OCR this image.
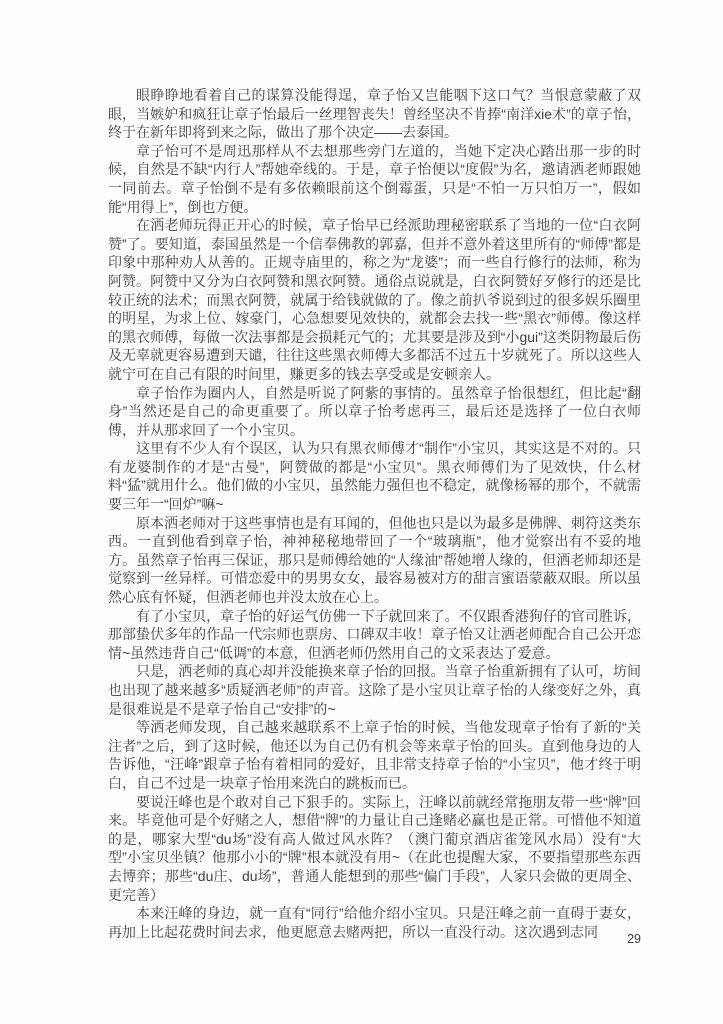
眼睁睁地看着自己的谋算没能得逞，章子怡又岂能咽下这口气？当恨意蒙蔽了双眼，当嫉妒和疯狂让章子怡最后一丝理智丧失！曾经坚决不肯捧“南洋xie术”的章子怡，终于在新年即将到来之际，做出了那个决定——去泰国。

章子怡可不是周迅那样从不去想那些旁门左道的，当她下定决心踏出那一步的时候，自然是不缺“内行人”帮她牵线的。于是，章子怡便以“度假”为名，邀请洒老师跟她一同前去。章子怡倒不是有多依赖眼前这个倒霉蛋，只是“不怕一万只怕万一”，假如能“用得上”，倒也方便。

在洒老师玩得正开心的时候，章子怡早已经派助理秘密联系了当地的一位“白衣阿赞”了。要知道，泰国虽然是一个信奉佛教的郭嘉，但并不意外着这里所有的“师傅”都是印象中那种劝人从善的。正规寺庙里的，称之为“龙婆”；而一些自行修行的法师，称为阿赞。阿赞中又分为白衣阿赞和黑衣阿赞。通俗点说就是，白衣阿赞好歹修行的还是比较正统的法术；而黑衣阿赞，就属于给钱就做的了。像之前扒爷说到过的很多娱乐圈里的明星，为求上位、嫁豪门，心急想要见效快的，就都会去找一些“黑衣”师傅。像这样的黑衣师傅，每做一次法事都是会损耗元气的；尤其要是涉及到“小gui”这类阴物最后伤及无辜就更容易遭到天谴，往往这些黑衣师傅大多都活不过五十岁就死了。所以这些人就宁可在自己有限的时间里，赚更多的钱去享受或是安顿亲人。

章子怡作为圈内人，自然是听说了阿紫的事情的。虽然章子怡很想红，但比起“翻身”当然还是自己的命更重要了。所以章子怡考虑再三，最后还是选择了一位白衣师傅，并从那求回了一个小宝贝。

这里有不少人有个误区，认为只有黑衣师傅才“制作”小宝贝，其实这是不对的。只有龙婆制作的才是“古曼”，阿赞做的都是“小宝贝”。黑衣师傅们为了见效快，什么材料“猛”就用什么。他们做的小宝贝，虽然能力强但也不稳定，就像杨幂的那个，不就需要三年一“回炉”嘛~

原本洒老师对于这些事情也是有耳闻的，但他也只是以为最多是佛牌、刺符这类东西。一直到他看到章子怡，神神秘秘地带回了一个“玻璃瓶”，他才觉察出有不妥的地方。虽然章子怡再三保证，那只是师傅给她的“人缘油”帮她增人缘的，但洒老师却还是觉察到一丝异样。可惜恋爱中的男男女女，最容易被对方的甜言蜜语蒙蔽双眼。所以虽然心底有怀疑，但洒老师也并没太放在心上。

有了小宝贝，章子怡的好运气仿佛一下子就回来了。不仅跟香港狗仔的官司胜诉，那部蛰伏多年的作品一代宗师也票房、口碑双丰收！章子怡又让洒老师配合自己公开恋情~虽然违背自己“低调”的本意，但洒老师仍然用自己的文采表达了爱意。

只是，洒老师的真心却并没能换来章子怡的回报。当章子怡重新拥有了认可，坊间也出现了越来越多“质疑洒老师”的声音。这除了是小宝贝让章子怡的人缘变好之外，真是很难说是不是章子怡自己“安排”的~

等洒老师发现，自己越来越联系不上章子怡的时候，当他发现章子怡有了新的“关注者”之后，到了这时候，他还以为自己仍有机会等来章子怡的回头。直到他身边的人告诉他，“汪峰”跟章子怡有着相同的爱好，且非常支持章子怡的“小宝贝”，他才终于明白，自己不过是一块章子怡用来洗白的跳板而已。

要说汪峰也是个敢对自己下狠手的。实际上，汪峰以前就经常拖朋友带一些“牌”回来。毕竟他可是个好赌之人，想借“牌”的力量让自己逢赌必赢也是正常。可惜他不知道的是，哪家大型“du场”没有高人做过风水阵？（澳门葡京酒店雀笼风水局）没有“大型”小宝贝坐镇？他那小小的“牌”根本就没有用~（在此也提醒大家，不要指望那些东西去博弈；那些“du庄、du场”，普通人能想到的那些“偏门手段”，人家只会做的更周全、更完善）

本来汪峰的身边，就一直有“同行”给他介绍小宝贝。只是汪峰之前一直碍于妻女，再加上比起花费时间去求，他更愿意去赌两把，所以一直没行动。这次遇到志同	29
